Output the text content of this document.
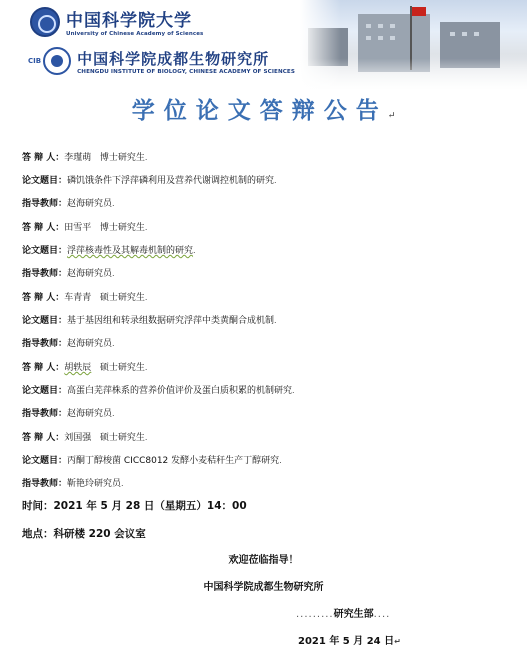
中国科学院大学
University of Chinese Academy of Sciences
CIB 中国科学院成都生物研究所
CHENGDU INSTITUTE OF BIOLOGY, CHINESE ACADEMY OF SCIENCES
学位论文答辩公告↵
答 辩 人：李瑾萌 博士研究生.
论文题目：磷饥饿条件下浮萍磷利用及营养代谢调控机制的研究.
指导教师：赵海研究员.
答 辩 人：田雪平 博士研究生.
论文题目：浮萍核毒性及其解毒机制的研究.
指导教师：赵海研究员.
答 辩 人：车青青 硕士研究生.
论文题目：基于基因组和转录组数据研究浮萍中类黄酮合成机制.
指导教师：赵海研究员.
答 辩 人：胡轶辰 硕士研究生.
论文题目：高蛋白芜萍株系的营养价值评价及蛋白质积累的机制研究.
指导教师：赵海研究员.
答 辩 人：刘国强 硕士研究生.
论文题目：丙酮丁醇梭菌 CICC8012 发酵小麦秸秆生产丁醇研究.
指导教师：靳艳玲研究员.
时间：2021 年 5 月 28 日（星期五）14：00
地点：科研楼 220 会议室
欢迎莅临指导！
中国科学院成都生物研究所
.........研究生部....
2021 年 5 月 24 日↵
